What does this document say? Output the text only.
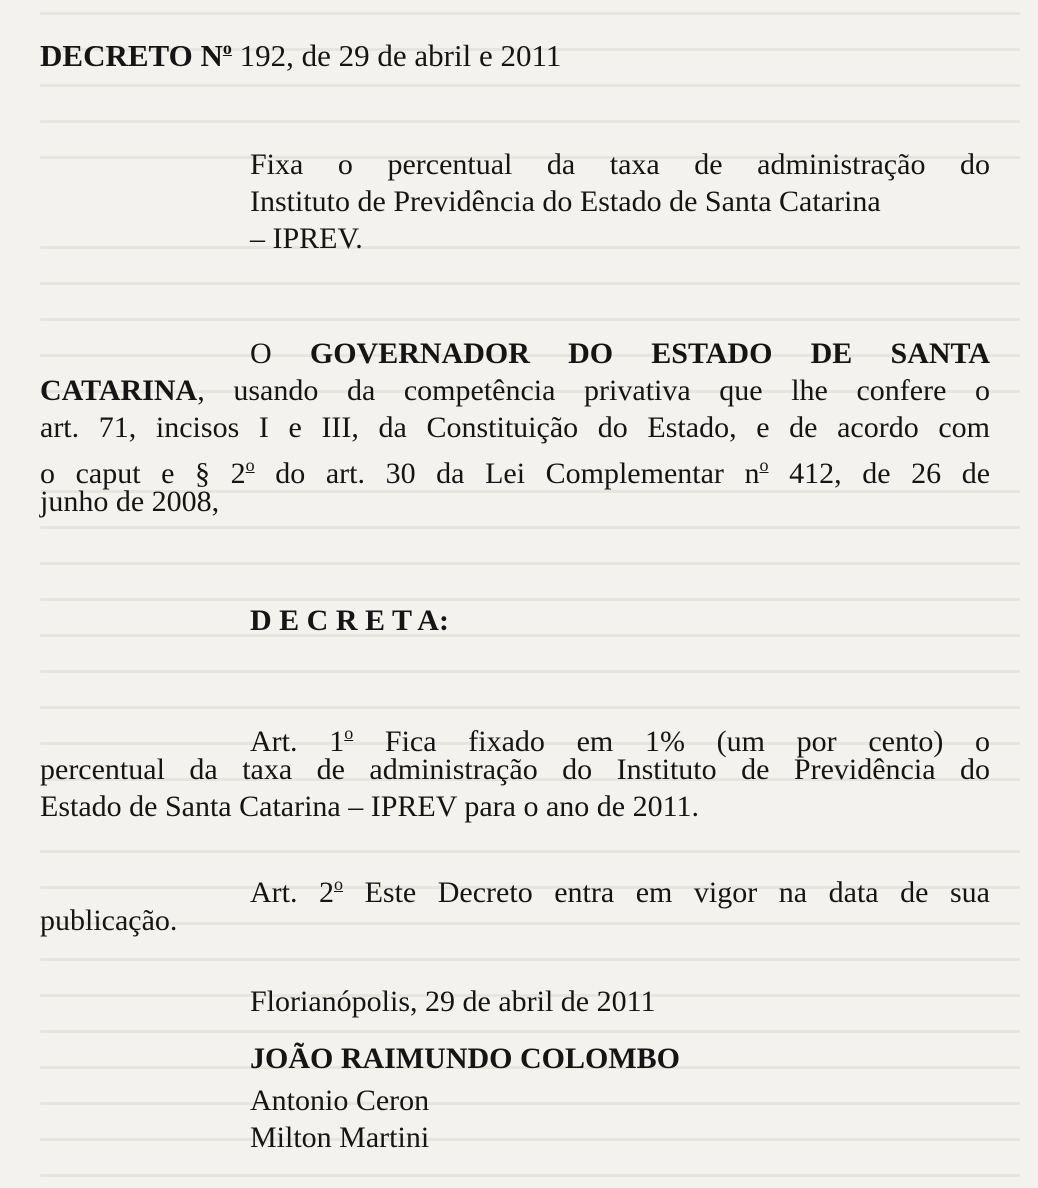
DECRETO $N^o$ 192, de 29 de abril e 2011
Fixa o percentual da taxa de administração do
Instituto de Previdência do Estado de Santa Catarina
– IPREV.
O GOVERNADOR DO ESTADO DE SANTA
CATARINA, usando da competência privativa que lhe confere o
art. 71, incisos I e III, da Constituição do Estado, e de acordo com
o caput e § 2$^o$ do art. 30 da Lei Complementar $n^o$ 412, de 26 de
junho de 2008,
D E C R E T A:
Art. 1$^o$ Fica fixado em 1% (um por cento) o
percentual da taxa de administração do Instituto de Previdência do
Estado de Santa Catarina – IPREV para o ano de 2011.
Art. 2$^o$ Este Decreto entra em vigor na data de sua
publicação.
Florianópolis, 29 de abril de 2011
JOÃO RAIMUNDO COLOMBO
Antonio Ceron
Milton Martini
